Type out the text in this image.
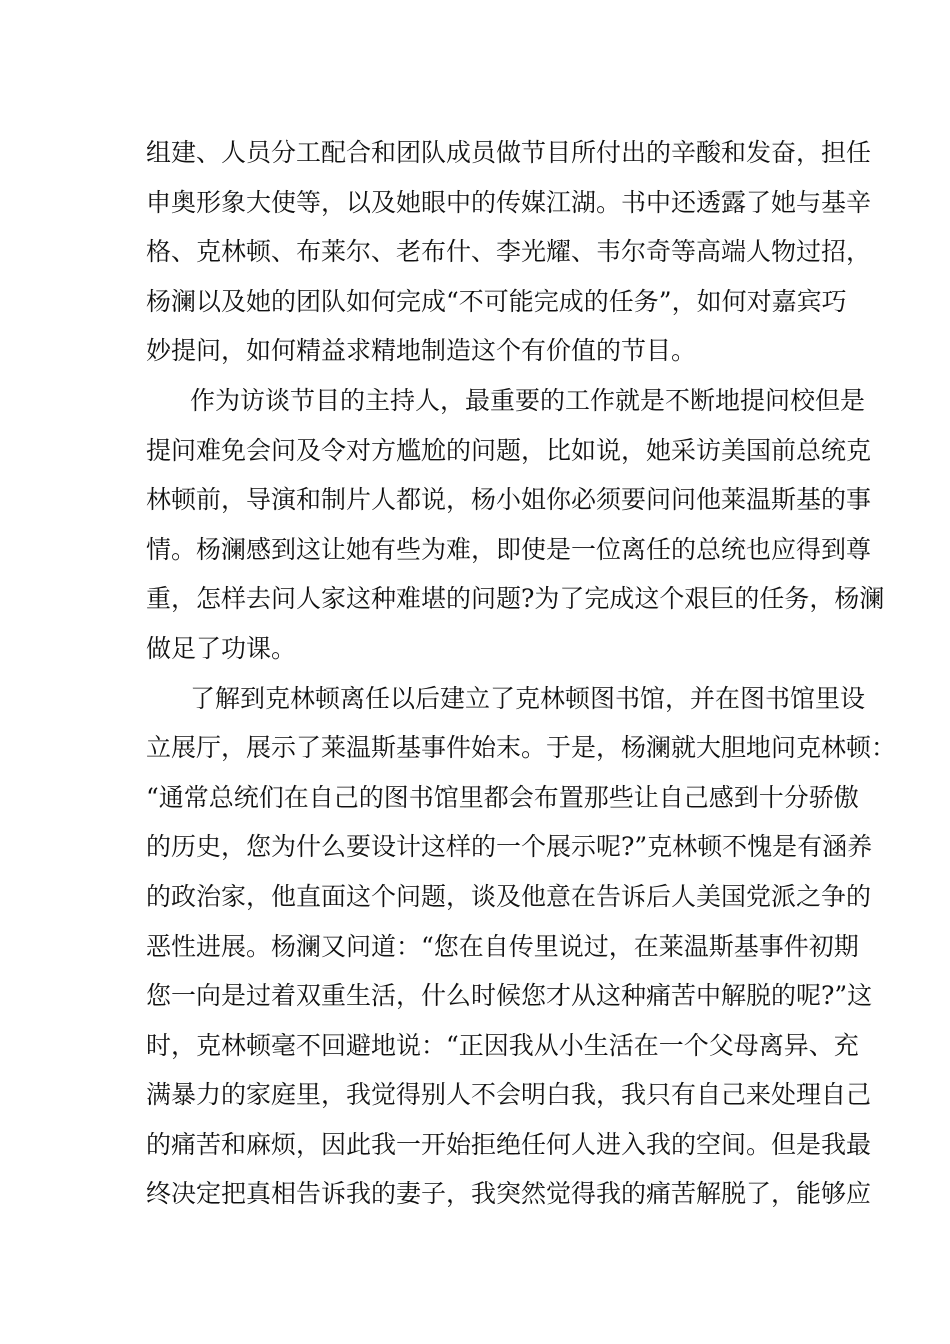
组建、人员分工配合和团队成员做节目所付出的辛酸和发奋，担任
申奥形象大使等，以及她眼中的传媒江湖。书中还透露了她与基辛
格、克林顿、布莱尔、老布什、李光耀、韦尔奇等高端人物过招，
杨澜以及她的团队如何完成“不可能完成的任务”，如何对嘉宾巧
妙提问，如何精益求精地制造这个有价值的节目。

作为访谈节目的主持人，最重要的工作就是不断地提问校但是
提问难免会问及令对方尴尬的问题，比如说，她采访美国前总统克
林顿前，导演和制片人都说，杨小姐你必须要问问他莱温斯基的事
情。杨澜感到这让她有些为难，即使是一位离任的总统也应得到尊
重，怎样去问人家这种难堪的问题?为了完成这个艰巨的任务，杨澜
做足了功课。

了解到克林顿离任以后建立了克林顿图书馆，并在图书馆里设
立展厅，展示了莱温斯基事件始末。于是，杨澜就大胆地问克林顿：
“通常总统们在自己的图书馆里都会布置那些让自己感到十分骄傲
的历史，您为什么要设计这样的一个展示呢?”克林顿不愧是有涵养
的政治家，他直面这个问题，谈及他意在告诉后人美国党派之争的
恶性进展。杨澜又问道：“您在自传里说过，在莱温斯基事件初期
您一向是过着双重生活，什么时候您才从这种痛苦中解脱的呢?”这
时，克林顿毫不回避地说：“正因我从小生活在一个父母离异、充
满暴力的家庭里，我觉得别人不会明白我，我只有自己来处理自己
的痛苦和麻烦，因此我一开始拒绝任何人进入我的空间。但是我最
终决定把真相告诉我的妻子，我突然觉得我的痛苦解脱了，能够应
